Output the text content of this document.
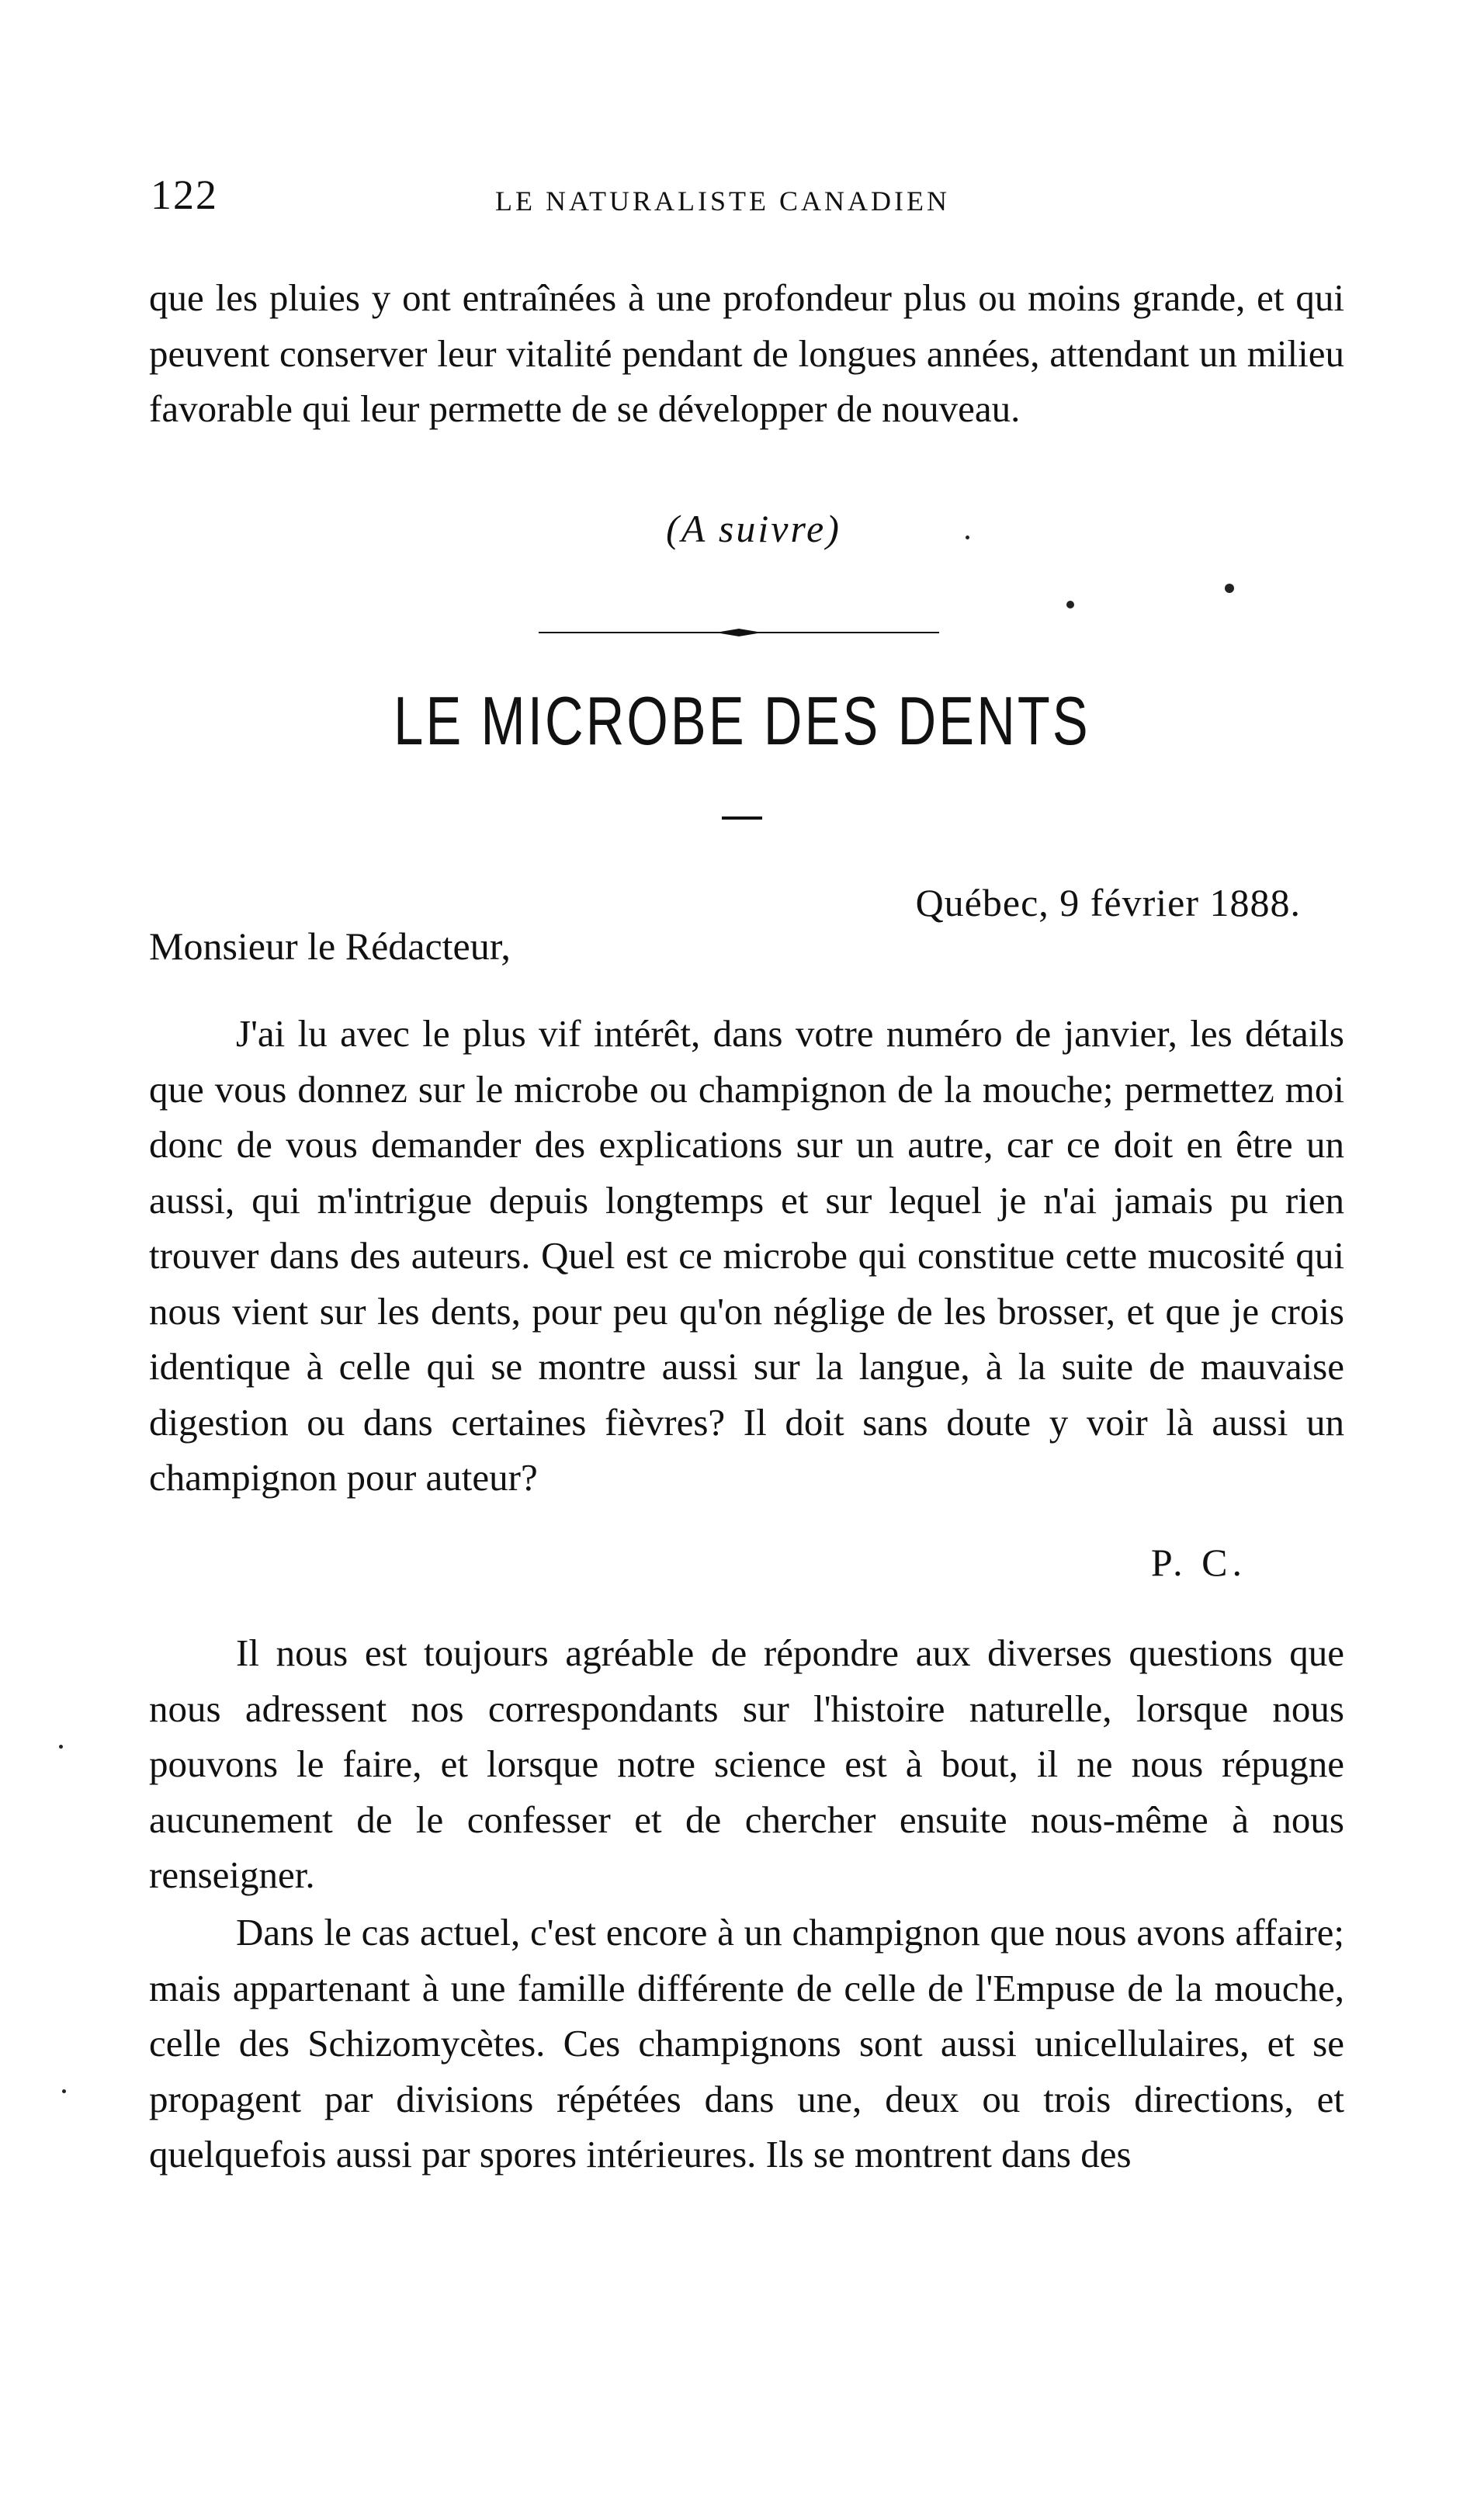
122	LE NATURALISTE CANADIEN

que les pluies y ont entraînées à une profondeur plus ou moins grande, et qui peuvent conserver leur vitalité pendant de longues années, attendant un milieu favorable qui leur permette de se développer de nouveau.

(A suivre)
LE MICROBE DES DENTS
Québec, 9 février 1888.
Monsieur le Rédacteur,

J'ai lu avec le plus vif intérêt, dans votre numéro de janvier, les détails que vous donnez sur le microbe ou champignon de la mouche; permettez moi donc de vous demander des explications sur un autre, car ce doit en être un aussi, qui m'intrigue depuis longtemps et sur lequel je n'ai jamais pu rien trouver dans des auteurs. Quel est ce microbe qui constitue cette mucosité qui nous vient sur les dents, pour peu qu'on néglige de les brosser, et que je crois identique à celle qui se montre aussi sur la langue, à la suite de mauvaise digestion ou dans certaines fièvres? Il doit sans doute y voir là aussi un champignon pour auteur?

P. C.

Il nous est toujours agréable de répondre aux diverses questions que nous adressent nos correspondants sur l'histoire naturelle, lorsque nous pouvons le faire, et lorsque notre science est à bout, il ne nous répugne aucunement de le confesser et de chercher ensuite nous-même à nous renseigner.

Dans le cas actuel, c'est encore à un champignon que nous avons affaire; mais appartenant à une famille différente de celle de l'Empuse de la mouche, celle des Schizomycètes. Ces champignons sont aussi unicellulaires, et se propagent par divisions répétées dans une, deux ou trois directions, et quelquefois aussi par spores intérieures. Ils se montrent dans des
